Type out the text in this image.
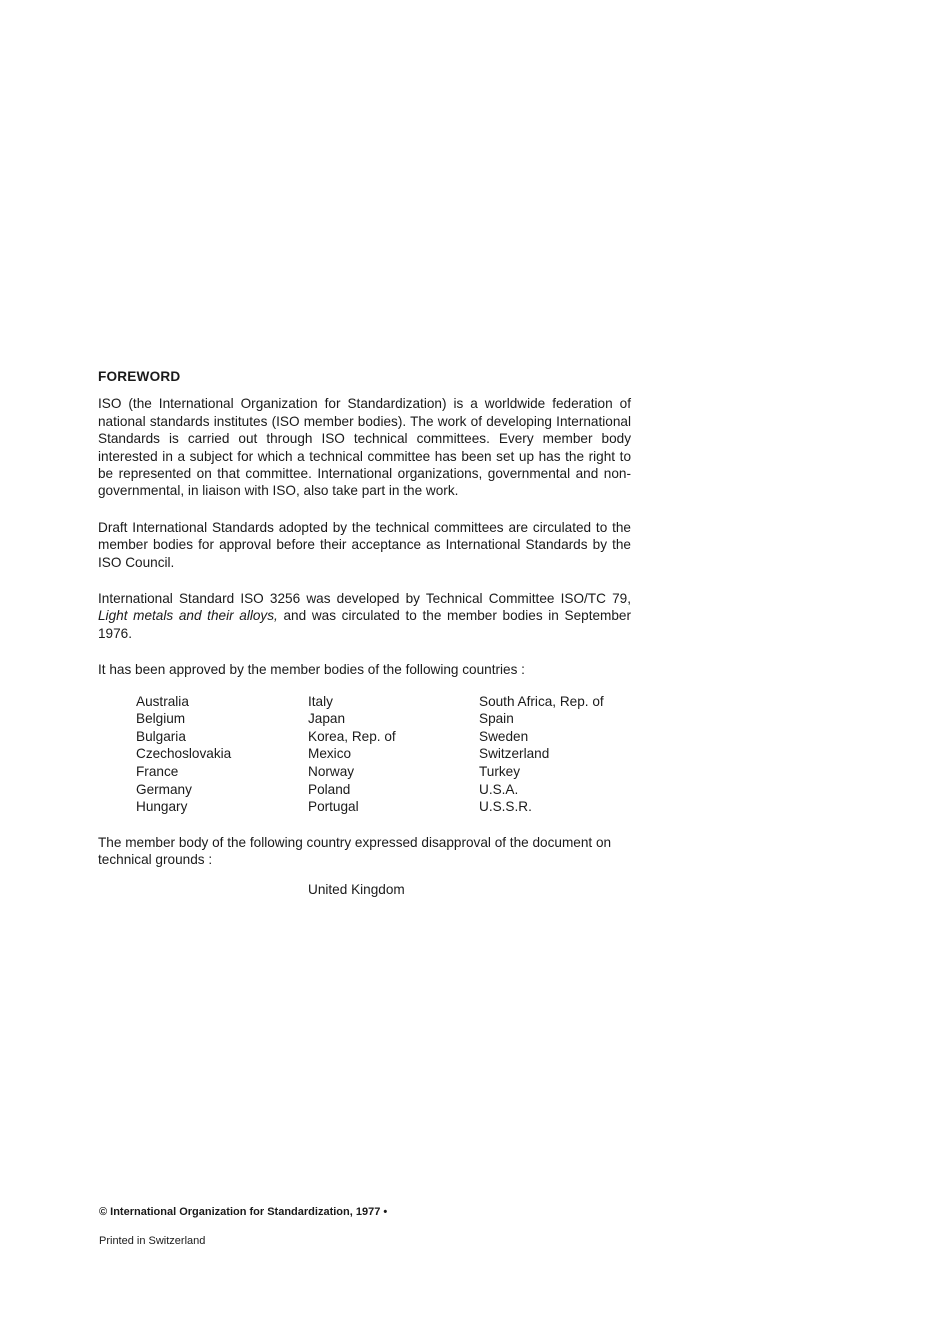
FOREWORD

ISO (the International Organization for Standardization) is a worldwide federation of national standards institutes (ISO member bodies). The work of developing International Standards is carried out through ISO technical committees. Every member body interested in a subject for which a technical committee has been set up has the right to be represented on that committee. International organizations, governmental and non-governmental, in liaison with ISO, also take part in the work.

Draft International Standards adopted by the technical committees are circulated to the member bodies for approval before their acceptance as International Standards by the ISO Council.

International Standard ISO 3256 was developed by Technical Committee ISO/TC 79, Light metals and their alloys, and was circulated to the member bodies in September 1976.

It has been approved by the member bodies of the following countries :

Australia
Belgium
Bulgaria
Czechoslovakia
France
Germany
Hungary
Italy
Japan
Korea, Rep. of
Mexico
Norway
Poland
Portugal
South Africa, Rep. of
Spain
Sweden
Switzerland
Turkey
U.S.A.
U.S.S.R.

The member body of the following country expressed disapproval of the document on technical grounds :

United Kingdom
© International Organization for Standardization, 1977 •
Printed in Switzerland
